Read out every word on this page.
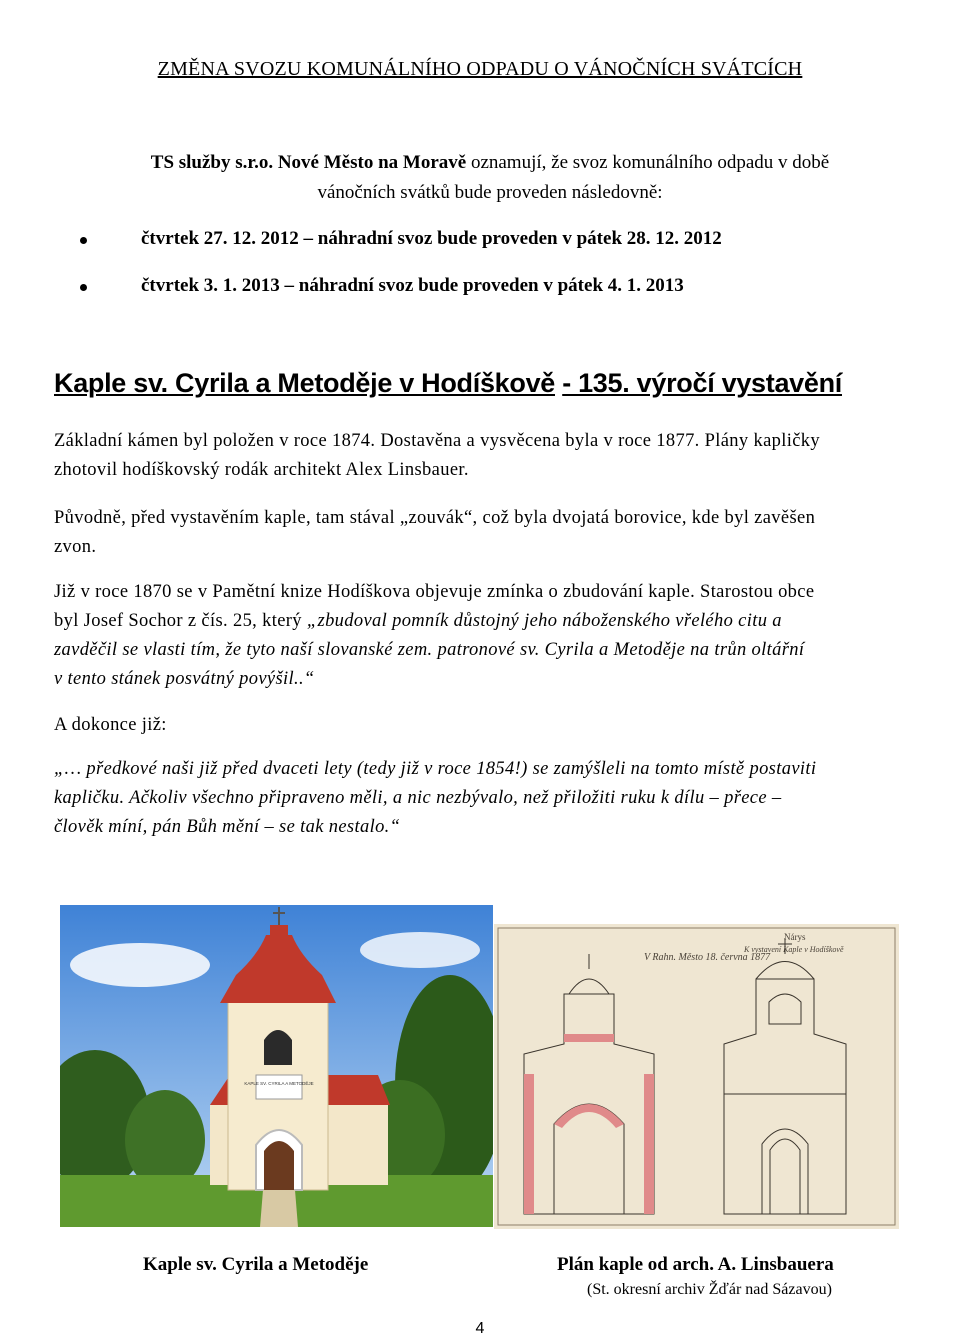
ZMĚNA SVOZU KOMUNÁLNÍHO ODPADU O VÁNOČNÍCH SVÁTCÍCH
TS služby s.r.o. Nové Město na Moravě oznamují, že svoz komunálního odpadu v době
vánočních svátků bude proveden následovně:
čtvrtek 27. 12. 2012 – náhradní svoz bude proveden v pátek 28. 12. 2012
čtvrtek 3. 1. 2013 – náhradní svoz bude proveden v pátek 4. 1. 2013
Kaple sv. Cyrila a Metoděje v Hodíškově - 135. výročí vystavění
Základní kámen byl položen v roce 1874. Dostavěna a vysvěcena byla v roce 1877. Plány kapličky
zhotovil hodíškovský rodák architekt Alex Linsbauer.
Původně, před vystavěním kaple, tam stával „zouvák“, což byla dvojatá borovice, kde byl zavěšen
zvon.
Již v roce 1870 se v Pamětní knize Hodíškova objevuje zmínka o zbudování kaple. Starostou obce
byl Josef Sochor z čís. 25, který „zbudoval pomník důstojný jeho náboženského vřelého citu a
zavděčil se vlasti tím, že tyto naší slovanské zem. patronové sv. Cyrila a Metoděje na trůn oltářní
v tento stánek posvátný povýšil..“
A dokonce již:
„… předkové naši již před dvaceti lety (tedy již v roce 1854!) se zamýšleli na tomto místě postaviti
kapličku. Ačkoliv všechno připraveno měli, a nic nezbývalo, než přiložiti ruku k dílu – přece –
člověk míní, pán Bůh mění – se tak nestalo.“
KAPLE SV. CYRILA A METODĚJE
V Rahn. Město 18. června 1877
Nárys
K vystavení Kaple v Hodíškově
Kaple sv. Cyrila a Metoděje	Plán kaple od arch. A. Linsbauera
(St. okresní archiv Žďár nad Sázavou)
4
